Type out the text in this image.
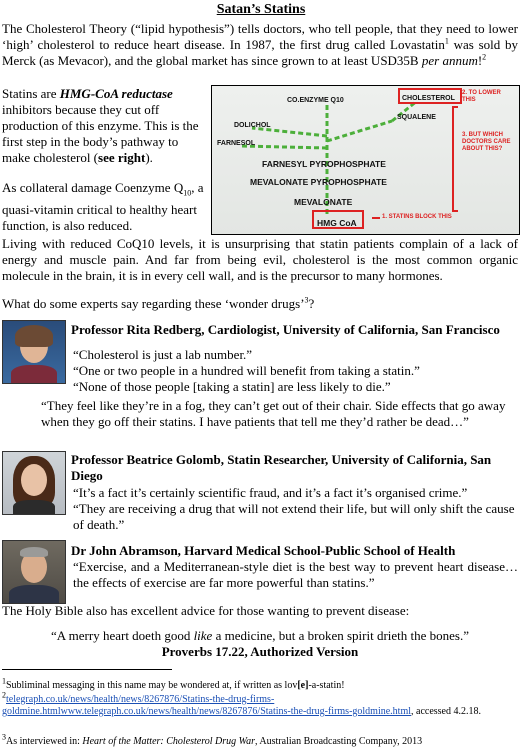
Satan’s Statins
The Cholesterol Theory (“lipid hypothesis”) tells doctors, who tell people, that they need to lower ‘high’ cholesterol to reduce heart disease. In 1987, the first drug called Lovastatin$^1$ was sold by Merck (as Mevacor), and the global market has since grown to at least USD35B per annum!$^2$
Statins are HMG-CoA reductase inhibitors because they cut off production of this enzyme. This is the first step in the body’s pathway to make cholesterol (see right).
As collateral damage Coenzyme $Q_{10}$, a quasi-vitamin critical to healthy heart function, is also reduced.
CO.ENZYME Q10	CHOLESTEROL
DOLICHOL
SQUALENE
FARNESOL
FARNESYL PYROPHOSPHATE
MEVALONATE PYROPHOSPHATE
MEVALONATE
HMG CoA
2. TO LOWER THIS
3. BUT WHICH DOCTORS CARE ABOUT THIS?
1. STATINS BLOCK THIS
Living with reduced CoQ10 levels, it is unsurprising that statin patients complain of a lack of energy and muscle pain. And far from being evil, cholesterol is the most common organic molecule in the brain, it is in every cell wall, and is the precursor to many hormones.
What do some experts say regarding these ‘wonder drugs’$^3$?
Professor Rita Redberg, Cardiologist, University of California, San Francisco
“Cholesterol is just a lab number.”
“One or two people in a hundred will benefit from taking a statin.”
“None of those people [taking a statin] are less likely to die.”
“They feel like they’re in a fog, they can’t get out of their chair. Side effects that go away when they go off their statins. I have patients that tell me they’d rather be dead…”
Professor Beatrice Golomb, Statin Researcher, University of California, San Diego
“It’s a fact it’s certainly scientific fraud, and it’s a fact it’s organised crime.”
“They are receiving a drug that will not extend their life, but will only shift the cause of death.”
Dr John Abramson, Harvard Medical School-Public School of Health
“Exercise, and a Mediterranean-style diet is the best way to prevent heart disease…the effects of exercise are far more powerful than statins.”
The Holy Bible also has excellent advice for those wanting to prevent disease:
“A merry heart doeth good like a medicine, but a broken spirit drieth the bones.”
Proverbs 17.22, Authorized Version
$^1$Subliminal messaging in this name may be wondered at, if written as lov[e]-a-statin!
$^2$telegraph.co.uk/news/health/news/8267876/Statins-the-drug-firms-goldmine.htmlwww.telegraph.co.uk/news/health/news/8267876/Statins-the-drug-firms-goldmine.html, accessed 4.2.18.
$^3$As interviewed in: Heart of the Matter: Cholesterol Drug War, Australian Broadcasting Company, 2013
